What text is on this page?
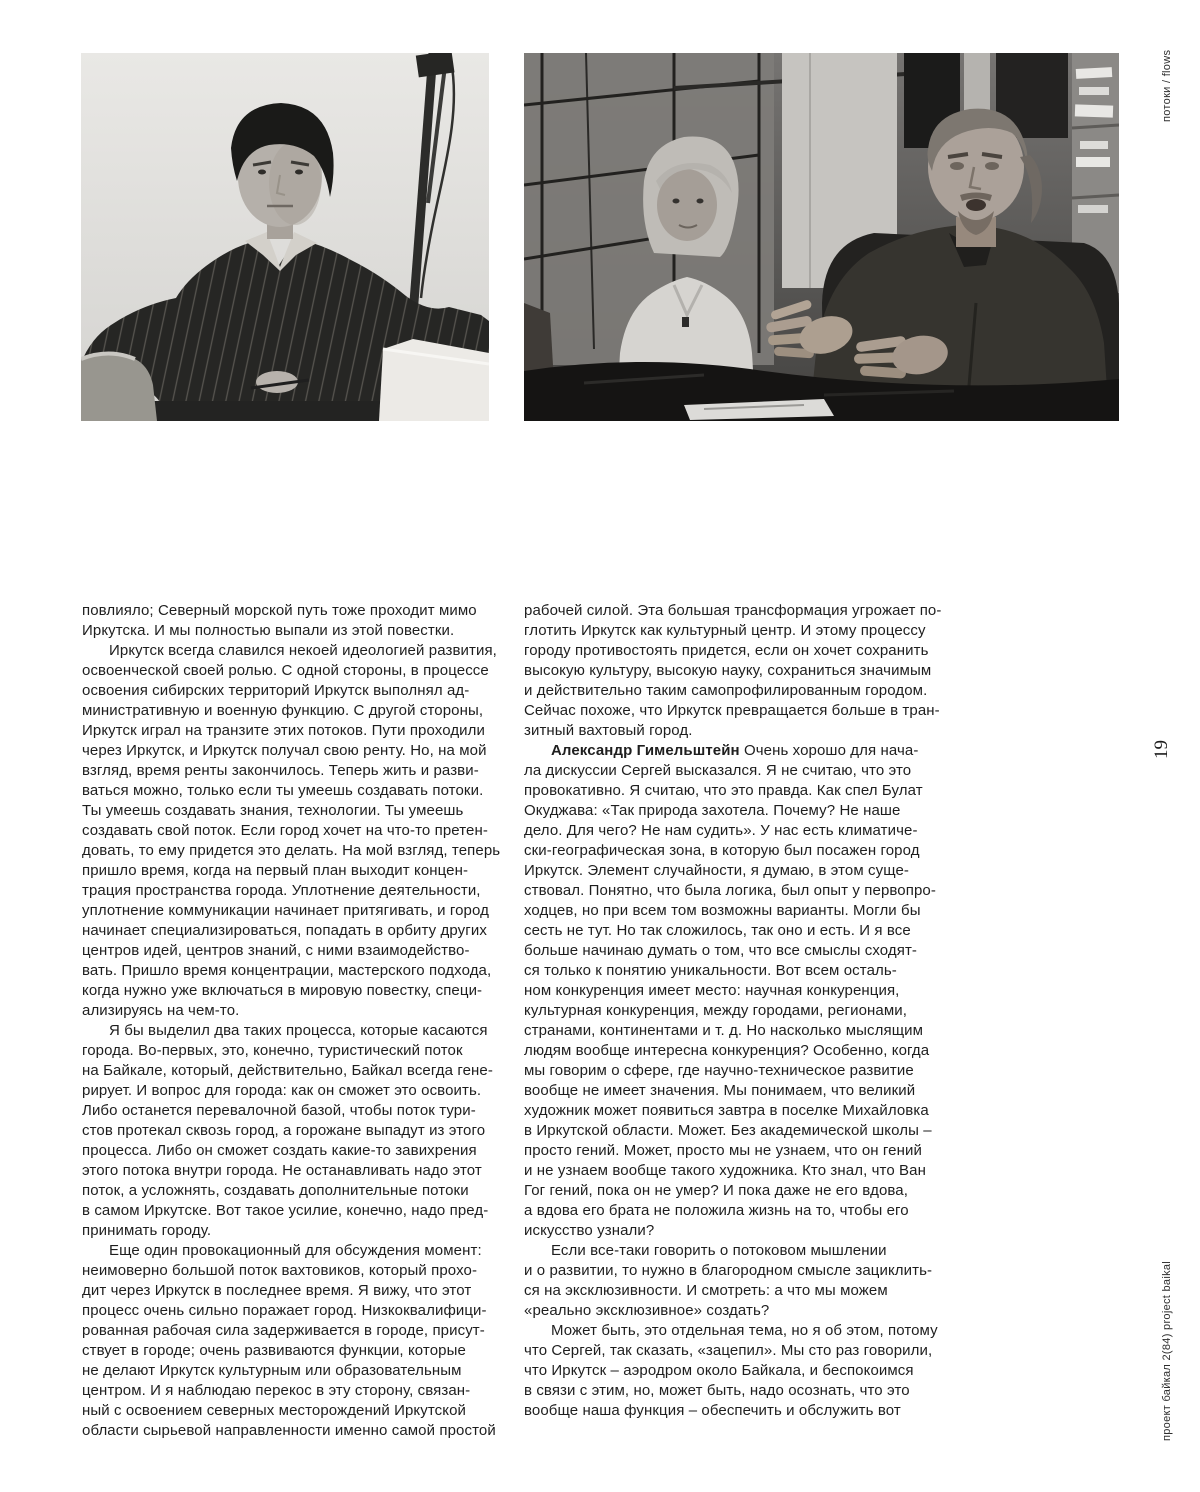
повлияло; Северный морской путь тоже проходит мимо
Иркутска. И мы полностью выпали из этой повестки.

Иркутск всегда славился некоей идеологией развития,
освоенческой своей ролью. С одной стороны, в процессе
освоения сибирских территорий Иркутск выполнял ад-
министративную и военную функцию. С другой стороны,
Иркутск играл на транзите этих потоков. Пути проходили
через Иркутск, и Иркутск получал свою ренту. Но, на мой
взгляд, время ренты закончилось. Теперь жить и разви-
ваться можно, только если ты умеешь создавать потоки.
Ты умеешь создавать знания, технологии. Ты умеешь
создавать свой поток. Если город хочет на что-то претен-
довать, то ему придется это делать. На мой взгляд, теперь
пришло время, когда на первый план выходит концен-
трация пространства города. Уплотнение деятельности,
уплотнение коммуникации начинает притягивать, и город
начинает специализироваться, попадать в орбиту других
центров идей, центров знаний, с ними взаимодейство-
вать. Пришло время концентрации, мастерского подхода,
когда нужно уже включаться в мировую повестку, специ-
ализируясь на чем-то.

Я бы выделил два таких процесса, которые касаются
города. Во-первых, это, конечно, туристический поток
на Байкале, который, действительно, Байкал всегда гене-
рирует. И вопрос для города: как он сможет это освоить.
Либо останется перевалочной базой, чтобы поток тури-
стов протекал сквозь город, а горожане выпадут из этого
процесса. Либо он сможет создать какие-то завихрения
этого потока внутри города. Не останавливать надо этот
поток, а усложнять, создавать дополнительные потоки
в самом Иркутске. Вот такое усилие, конечно, надо пред-
принимать городу.

Еще один провокационный для обсуждения момент:
неимоверно большой поток вахтовиков, который прохо-
дит через Иркутск в последнее время. Я вижу, что этот
процесс очень сильно поражает город. Низкоквалифици-
рованная рабочая сила задерживается в городе, присут-
ствует в городе; очень развиваются функции, которые
не делают Иркутск культурным или образовательным
центром. И я наблюдаю перекос в эту сторону, связан-
ный с освоением северных месторождений Иркутской
области сырьевой направленности именно самой простой

рабочей силой. Эта большая трансформация угрожает по-
глотить Иркутск как культурный центр. И этому процессу
городу противостоять придется, если он хочет сохранить
высокую культуру, высокую науку, сохраниться значимым
и действительно таким самопрофилированным городом.
Сейчас похоже, что Иркутск превращается больше в тран-
зитный вахтовый город.

Александр Гимельштейн Очень хорошо для нача-
ла дискуссии Сергей высказался. Я не считаю, что это
провокативно. Я считаю, что это правда. Как спел Булат
Окуджава: «Так природа захотела. Почему? Не наше
дело. Для чего? Не нам судить». У нас есть климатиче-
ски-географическая зона, в которую был посажен город
Иркутск. Элемент случайности, я думаю, в этом суще-
ствовал. Понятно, что была логика, был опыт у первопро-
ходцев, но при всем том возможны варианты. Могли бы
сесть не тут. Но так сложилось, так оно и есть. И я все
больше начинаю думать о том, что все смыслы сходят-
ся только к понятию уникальности. Вот всем осталь-
ном конкуренция имеет место: научная конкуренция,
культурная конкуренция, между городами, регионами,
странами, континентами и т. д. Но насколько мыслящим
людям вообще интересна конкуренция? Особенно, когда
мы говорим о сфере, где научно-техническое развитие
вообще не имеет значения. Мы понимаем, что великий
художник может появиться завтра в поселке Михайловка
в Иркутской области. Может. Без академической школы –
просто гений. Может, просто мы не узнаем, что он гений
и не узнаем вообще такого художника. Кто знал, что Ван
Гог гений, пока он не умер? И пока даже не его вдова,
а вдова его брата не положила жизнь на то, чтобы его
искусство узнали?

Если все-таки говорить о потоковом мышлении
и о развитии, то нужно в благородном смысле зациклить-
ся на эксклюзивности. И смотреть: а что мы можем
«реально эксклюзивное» создать?

Может быть, это отдельная тема, но я об этом, потому
что Сергей, так сказать, «зацепил». Мы сто раз говорили,
что Иркутск – аэродром около Байкала, и беспокоимся
в связи с этим, но, может быть, надо осознать, что это
вообще наша функция – обеспечить и обслужить вот

потоки / flows
19
проект байкал 2(84) project baikal
